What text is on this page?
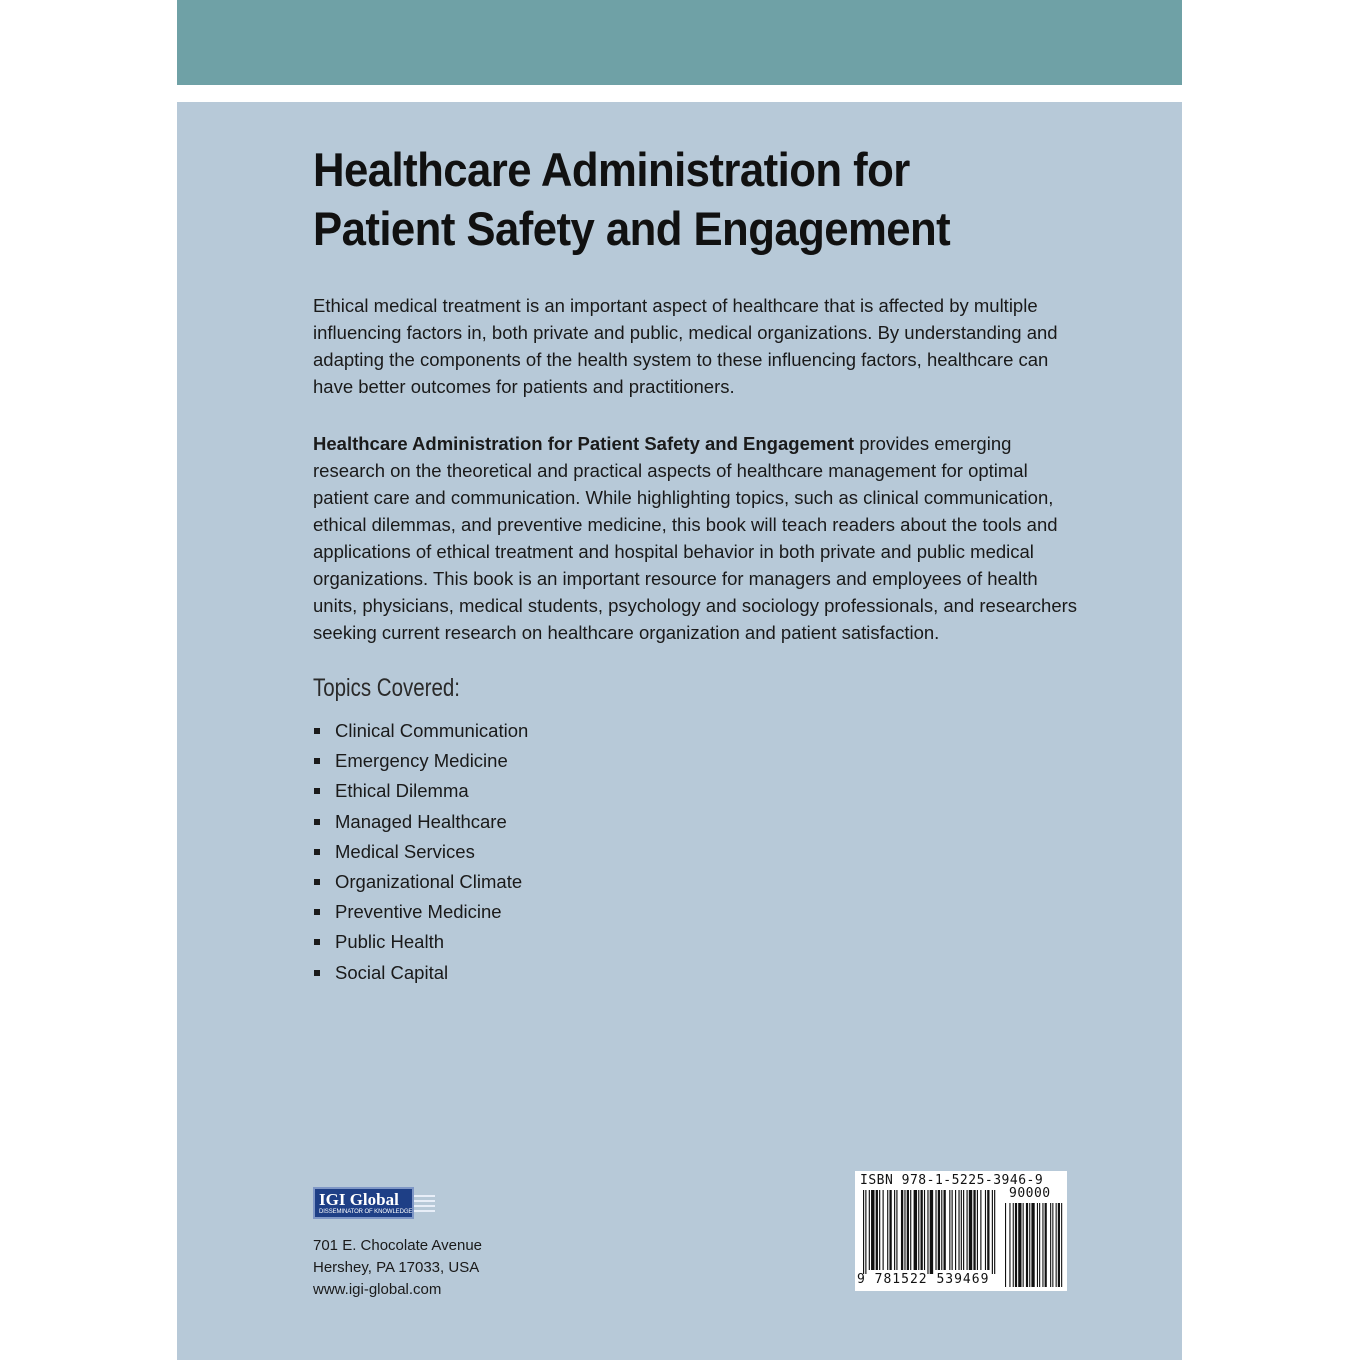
Healthcare Administration for
Patient Safety and Engagement

Ethical medical treatment is an important aspect of healthcare that is affected by multiple influencing factors in, both private and public, medical organizations. By understanding and adapting the components of the health system to these influencing factors, healthcare can have better outcomes for patients and practitioners.

Healthcare Administration for Patient Safety and Engagement provides emerging research on the theoretical and practical aspects of healthcare management for optimal patient care and communication. While highlighting topics, such as clinical communication, ethical dilemmas, and preventive medicine, this book will teach readers about the tools and applications of ethical treatment and hospital behavior in both private and public medical organizations. This book is an important resource for managers and employees of health units, physicians, medical students, psychology and sociology professionals, and researchers seeking current research on healthcare organization and patient satisfaction.

Topics Covered:
Clinical Communication
Emergency Medicine
Ethical Dilemma
Managed Healthcare
Medical Services
Organizational Climate
Preventive Medicine
Public Health
Social Capital
IGI Global
DISSEMINATOR OF KNOWLEDGE
701 E. Chocolate Avenue
Hershey, PA 17033, USA
www.igi-global.com
ISBN 978-1-5225-3946-9
90000
9 781522 539469
